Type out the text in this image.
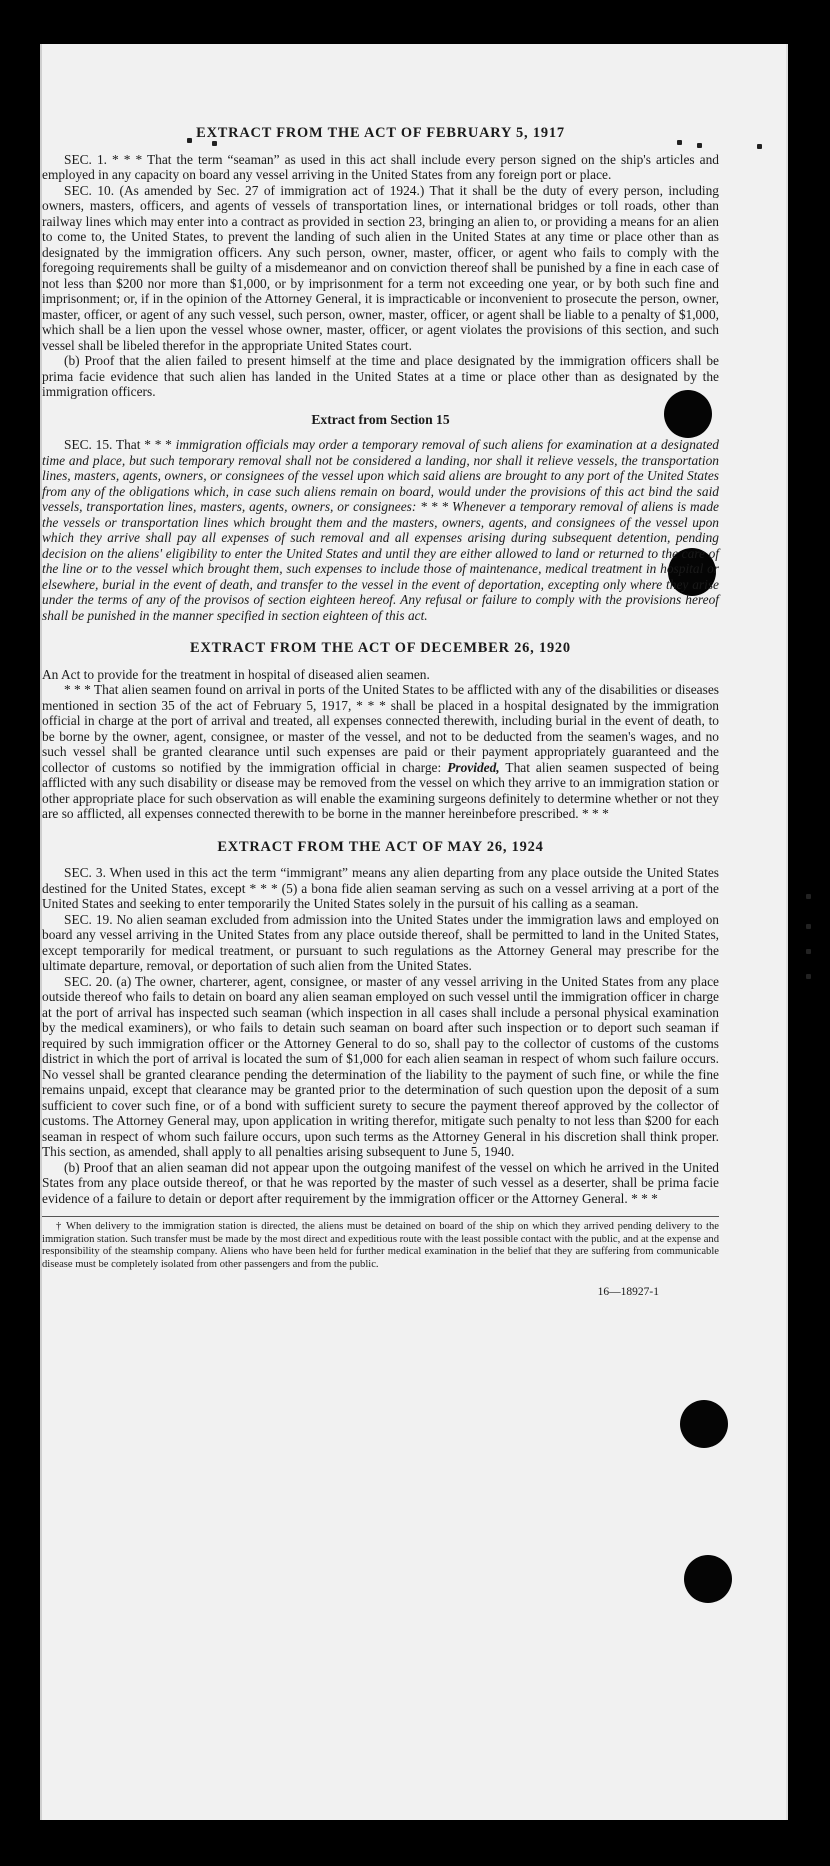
EXTRACT FROM THE ACT OF FEBRUARY 5, 1917

SEC. 1. * * * That the term “seaman” as used in this act shall include every person signed on the ship's articles and employed in any capacity on board any vessel arriving in the United States from any foreign port or place.

SEC. 10. (As amended by Sec. 27 of immigration act of 1924.) That it shall be the duty of every person, including owners, masters, officers, and agents of vessels of transportation lines, or international bridges or toll roads, other than railway lines which may enter into a contract as provided in section 23, bringing an alien to, or providing a means for an alien to come to, the United States, to prevent the landing of such alien in the United States at any time or place other than as designated by the immigration officers. Any such person, owner, master, officer, or agent who fails to comply with the foregoing requirements shall be guilty of a misdemeanor and on conviction thereof shall be punished by a fine in each case of not less than $200 nor more than $1,000, or by imprisonment for a term not exceeding one year, or by both such fine and imprisonment; or, if in the opinion of the Attorney General, it is impracticable or inconvenient to prosecute the person, owner, master, officer, or agent of any such vessel, such person, owner, master, officer, or agent shall be liable to a penalty of $1,000, which shall be a lien upon the vessel whose owner, master, officer, or agent violates the provisions of this section, and such vessel shall be libeled therefor in the appropriate United States court.

(b) Proof that the alien failed to present himself at the time and place designated by the immigration officers shall be prima facie evidence that such alien has landed in the United States at a time or place other than as designated by the immigration officers.

Extract from Section 15

SEC. 15. That * * * immigration officials may order a temporary removal of such aliens for examination at a designated time and place, but such temporary removal shall not be considered a landing, nor shall it relieve vessels, the transportation lines, masters, agents, owners, or consignees of the vessel upon which said aliens are brought to any port of the United States from any of the obligations which, in case such aliens remain on board, would under the provisions of this act bind the said vessels, transportation lines, masters, agents, owners, or consignees: * * * Whenever a temporary removal of aliens is made the vessels or transportation lines which brought them and the masters, owners, agents, and consignees of the vessel upon which they arrive shall pay all expenses of such removal and all expenses arising during subsequent detention, pending decision on the aliens' eligibility to enter the United States and until they are either allowed to land or returned to the care of the line or to the vessel which brought them, such expenses to include those of maintenance, medical treatment in hospital or elsewhere, burial in the event of death, and transfer to the vessel in the event of deportation, excepting only where they arise under the terms of any of the provisos of section eighteen hereof. Any refusal or failure to comply with the provisions hereof shall be punished in the manner specified in section eighteen of this act.

EXTRACT FROM THE ACT OF DECEMBER 26, 1920

An Act to provide for the treatment in hospital of diseased alien seamen.

* * * That alien seamen found on arrival in ports of the United States to be afflicted with any of the disabilities or diseases mentioned in section 35 of the act of February 5, 1917, * * * shall be placed in a hospital designated by the immigration official in charge at the port of arrival and treated, all expenses connected therewith, including burial in the event of death, to be borne by the owner, agent, consignee, or master of the vessel, and not to be deducted from the seamen's wages, and no such vessel shall be granted clearance until such expenses are paid or their payment appropriately guaranteed and the collector of customs so notified by the immigration official in charge: Provided, That alien seamen suspected of being afflicted with any such disability or disease may be removed from the vessel on which they arrive to an immigration station or other appropriate place for such observation as will enable the examining surgeons definitely to determine whether or not they are so afflicted, all expenses connected therewith to be borne in the manner hereinbefore prescribed. * * *

EXTRACT FROM THE ACT OF MAY 26, 1924

SEC. 3. When used in this act the term “immigrant” means any alien departing from any place outside the United States destined for the United States, except * * * (5) a bona fide alien seaman serving as such on a vessel arriving at a port of the United States and seeking to enter temporarily the United States solely in the pursuit of his calling as a seaman.

SEC. 19. No alien seaman excluded from admission into the United States under the immigration laws and employed on board any vessel arriving in the United States from any place outside thereof, shall be permitted to land in the United States, except temporarily for medical treatment, or pursuant to such regulations as the Attorney General may prescribe for the ultimate departure, removal, or deportation of such alien from the United States.

SEC. 20. (a) The owner, charterer, agent, consignee, or master of any vessel arriving in the United States from any place outside thereof who fails to detain on board any alien seaman employed on such vessel until the immigration officer in charge at the port of arrival has inspected such seaman (which inspection in all cases shall include a personal physical examination by the medical examiners), or who fails to detain such seaman on board after such inspection or to deport such seaman if required by such immigration officer or the Attorney General to do so, shall pay to the collector of customs of the customs district in which the port of arrival is located the sum of $1,000 for each alien seaman in respect of whom such failure occurs. No vessel shall be granted clearance pending the determination of the liability to the payment of such fine, or while the fine remains unpaid, except that clearance may be granted prior to the determination of such question upon the deposit of a sum sufficient to cover such fine, or of a bond with sufficient surety to secure the payment thereof approved by the collector of customs. The Attorney General may, upon application in writing therefor, mitigate such penalty to not less than $200 for each seaman in respect of whom such failure occurs, upon such terms as the Attorney General in his discretion shall think proper. This section, as amended, shall apply to all penalties arising subsequent to June 5, 1940.

(b) Proof that an alien seaman did not appear upon the outgoing manifest of the vessel on which he arrived in the United States from any place outside thereof, or that he was reported by the master of such vessel as a deserter, shall be prima facie evidence of a failure to detain or deport after requirement by the immigration officer or the Attorney General. * * *

† When delivery to the immigration station is directed, the aliens must be detained on board of the ship on which they arrived pending delivery to the immigration station. Such transfer must be made by the most direct and expeditious route with the least possible contact with the public, and at the expense and responsibility of the steamship company. Aliens who have been held for further medical examination in the belief that they are suffering from communicable disease must be completely isolated from other passengers and from the public.

16—18927-1
